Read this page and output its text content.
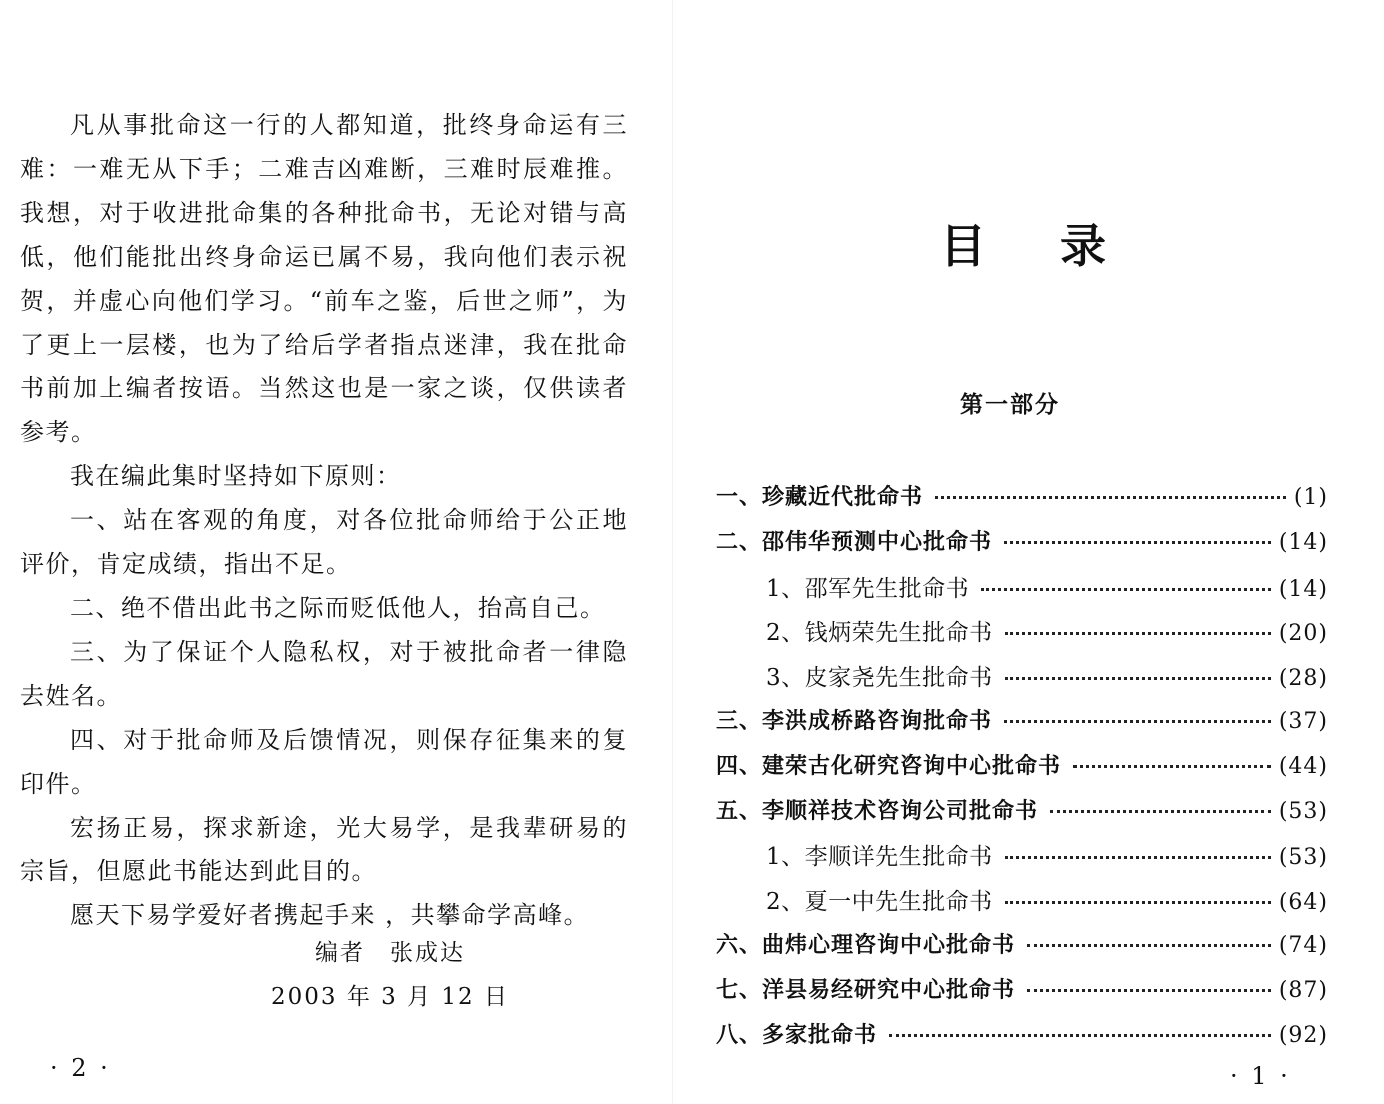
凡从事批命这一行的人都知道，批终身命运有三难：一难无从下手；二难吉凶难断，三难时辰难推。我想，对于收进批命集的各种批命书，无论对错与高低，他们能批出终身命运已属不易，我向他们表示祝贺，并虚心向他们学习。“前车之鉴，后世之师”，为了更上一层楼，也为了给后学者指点迷津，我在批命书前加上编者按语。当然这也是一家之谈，仅供读者参考。

我在编此集时坚持如下原则：

一、站在客观的角度，对各位批命师给于公正地评价，肯定成绩，指出不足。

二、绝不借出此书之际而贬低他人，抬高自己。

三、为了保证个人隐私权，对于被批命者一律隐去姓名。

四、对于批命师及后馈情况，则保存征集来的复印件。

宏扬正易，探求新途，光大易学，是我辈研易的宗旨，但愿此书能达到此目的。

愿天下易学爱好者携起手来 ，共攀命学高峰。

编者　张成达
2003 年 3 月 12 日
· 2 ·
目录
第一部分
一、珍藏近代批命书	(1)
二、邵伟华预测中心批命书	(14)
1、邵军先生批命书	(14)
2、钱炳荣先生批命书	(20)
3、皮家尧先生批命书	(28)
三、李洪成桥路咨询批命书	(37)
四、建荣古化研究咨询中心批命书	(44)
五、李顺祥技术咨询公司批命书	(53)
1、李顺详先生批命书	(53)
2、夏一中先生批命书	(64)
六、曲炜心理咨询中心批命书	(74)
七、洋县易经研究中心批命书	(87)
八、多家批命书	(92)
· 1 ·
